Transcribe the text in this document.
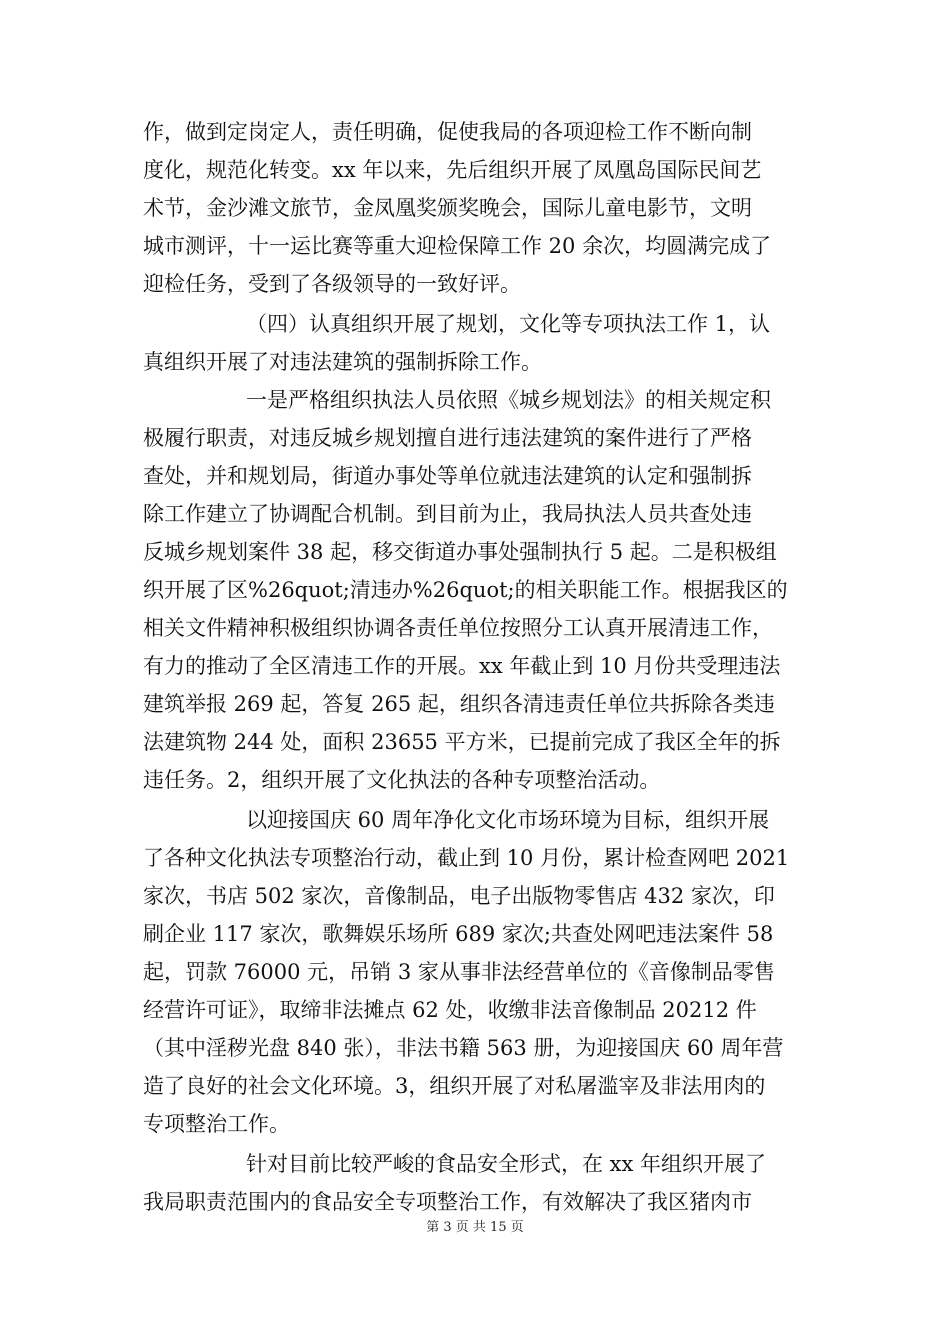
作，做到定岗定人，责任明确，促使我局的各项迎检工作不断向制
度化，规范化转变。xx 年以来，先后组织开展了凤凰岛国际民间艺
术节，金沙滩文旅节，金凤凰奖颁奖晚会，国际儿童电影节，文明
城市测评，十一运比赛等重大迎检保障工作 20 余次，均圆满完成了
迎检任务，受到了各级领导的一致好评。
（四）认真组织开展了规划，文化等专项执法工作 1，认
真组织开展了对违法建筑的强制拆除工作。
一是严格组织执法人员依照《城乡规划法》的相关规定积
极履行职责，对违反城乡规划擅自进行违法建筑的案件进行了严格
查处，并和规划局，街道办事处等单位就违法建筑的认定和强制拆
除工作建立了协调配合机制。到目前为止，我局执法人员共查处违
反城乡规划案件 38 起，移交街道办事处强制执行 5 起。二是积极组
织开展了区%26quot;清违办%26quot;的相关职能工作。根据我区的
相关文件精神积极组织协调各责任单位按照分工认真开展清违工作，
有力的推动了全区清违工作的开展。xx 年截止到 10 月份共受理违法
建筑举报 269 起，答复 265 起，组织各清违责任单位共拆除各类违
法建筑物 244 处，面积 23655 平方米，已提前完成了我区全年的拆
违任务。2，组织开展了文化执法的各种专项整治活动。
以迎接国庆 60 周年净化文化市场环境为目标，组织开展
了各种文化执法专项整治行动，截止到 10 月份，累计检查网吧 2021
家次，书店 502 家次，音像制品，电子出版物零售店 432 家次，印
刷企业 117 家次，歌舞娱乐场所 689 家次;共查处网吧违法案件 58
起，罚款 76000 元，吊销 3 家从事非法经营单位的《音像制品零售
经营许可证》，取缔非法摊点 62 处，收缴非法音像制品 20212 件
（其中淫秽光盘 840 张），非法书籍 563 册，为迎接国庆 60 周年营
造了良好的社会文化环境。3，组织开展了对私屠滥宰及非法用肉的
专项整治工作。
针对目前比较严峻的食品安全形式，在 xx 年组织开展了
我局职责范围内的食品安全专项整治工作，有效解决了我区猪肉市
第 3 页 共 15 页
